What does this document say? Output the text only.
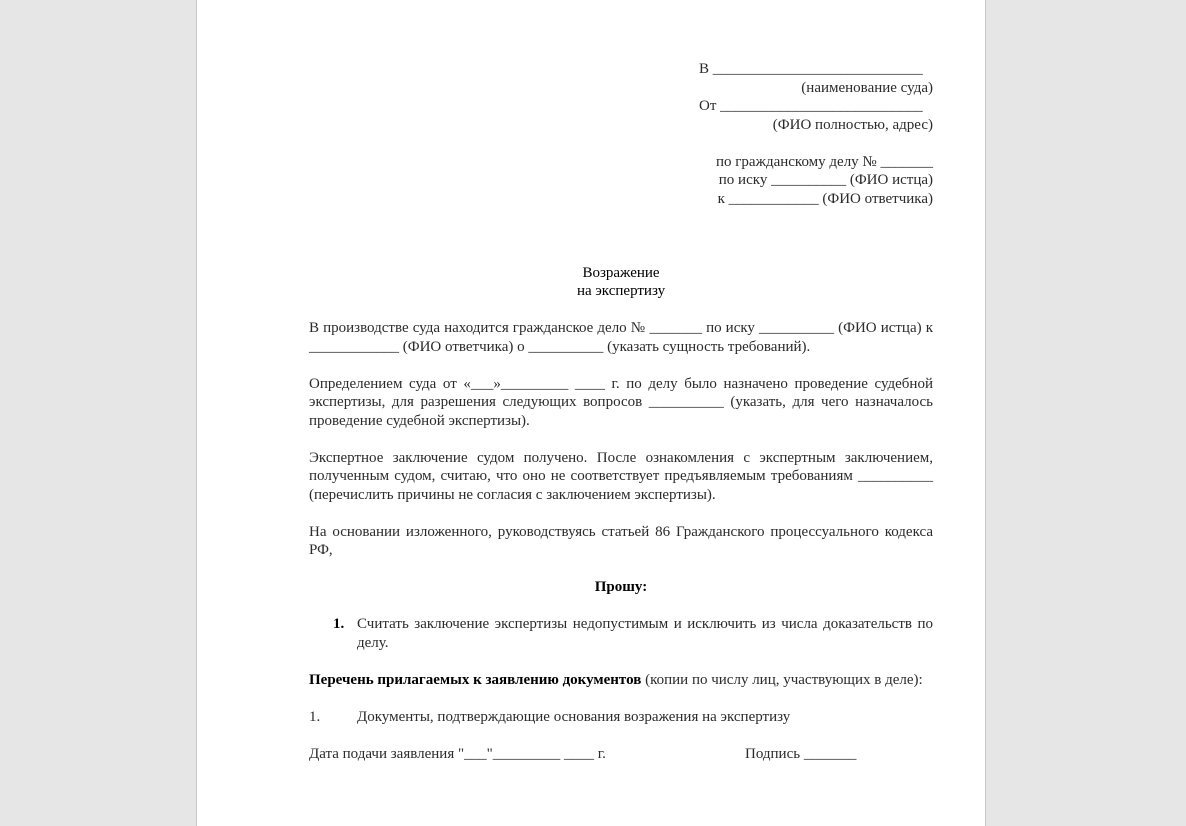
В ____________________________
(наименование суда)
От ___________________________
(ФИО полностью, адрес)
по гражданскому делу № _______
по иску __________ (ФИО истца)
к ____________ (ФИО ответчика)
Возражение
на экспертизу
В производстве суда находится гражданское дело № _______ по иску __________ (ФИО истца) к ____________ (ФИО ответчика) о __________ (указать сущность требований).
Определением суда от «___»_________ ____ г. по делу было назначено проведение судебной экспертизы, для разрешения следующих вопросов __________ (указать, для чего назначалось проведение судебной экспертизы).
Экспертное заключение судом получено. После ознакомления с экспертным заключением, полученным судом, считаю, что оно не соответствует предъявляемым требованиям __________ (перечислить причины не согласия с заключением экспертизы).
На основании изложенного, руководствуясь статьей 86 Гражданского процессуального кодекса РФ,
Прошу:
1. Считать заключение экспертизы недопустимым и исключить из числа доказательств по делу.
Перечень прилагаемых к заявлению документов (копии по числу лиц, участвующих в деле):
1. Документы, подтверждающие основания возражения на экспертизу
Дата подачи заявления "___"_________ ____ г.	Подпись _______
